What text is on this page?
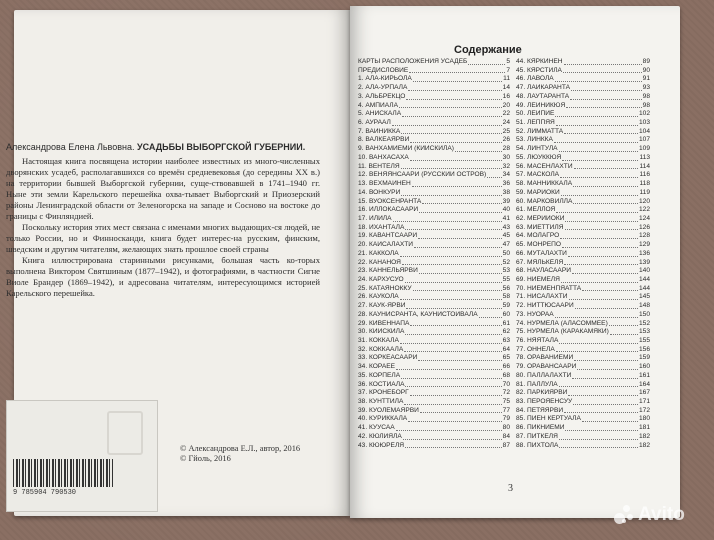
Александрова Елена Львовна. УСАДЬБЫ ВЫБОРГСКОЙ ГУБЕРНИИ.

Настоящая книга посвящена истории наиболее известных из много-численных дворянских усадеб, располагавшихся со времён средневековья (до середины XX в.) на территории бывшей Выборгской губернии, суще-ствовавшей в 1741–1940 гг. Ныне эти земли Карельского перешейка охва-тывает Выборгский и Приозерский районы Ленинградской области от Зеленогорска на западе и Сосново на востоке до границы с Финляндией.

Поскольку история этих мест связана с именами многих выдающих-ся людей, не только России, но и Финносканди, книга будет интерес-на русским, финским, шведским и другим читателям, желающих знать прошлое своей страны

Книга иллюстрирована старинными рисунками, большая часть ко-торых выполнена Виктором Святшиным (1877–1942), и фотографиями, в частности Сигне Виоле Брандер (1869–1942), и адресована читателям, интересующимся историей Карельского перешейка.

9 785904 790530
© Александрова Е.Л., автор, 2016
© Гйоль, 2016
Содержание
КАРТЫ РАСПОЛОЖЕНИЯ УСАДЕБ	5
ПРЕДИСЛОВИЕ	7
1. АЛА-КИРЬОЛА	11
2. АЛА-УРПАЛА	14
3. АЛЬБРЕКЦО	16
4. АМПИАЛА	20
5. АНИСКАЛА	22
6. АУРААЛ	24
7. ВАЙНИККА	25
8. ВАЛКЕАЯРВИ	26
9. ВАНХАМИЕМИ (КИЙСКИЛА)	28
10. ВАНХАСАХА	30
11. ВЕНТЕЛЯ	32
12. ВЕНЯЯНСААРИ (РУССКИЙ ОСТРОВ) 34
13. ВЕХМАЙНЕН	36
14. ВОНКУРИ	38
15. ВУОКСЕНРАНТА	39
16. ИЛЛОКАСААРИ	40
17. ИЛИЛА	41
18. ИХАНТАЛА	43
19. КАВАНТСААРИ	45
20. КАЙСАЛАХТИ	47
21. КАККОЛА	50
22. КАНАНОЯ	52
23. КАННЕЛЬЯРВИ	53
24. КАРХУСУО	55
25. КАТАЯНОККУ	56
26. КАУКОЛА	58
27. КАУК-ЯРВИ	59
28. КАУНИСРАНТА, КАУНИСТОЙВАЛА	60
29. КИВЕННАПА	61
30. КИЙСКИЛА	62
31. КОККАЛА	63
32. КОККААЛА	64
33. КОРКЕАСААРИ	65
34. КОРАЕЕ	66
35. КОРПЕЛА	68
36. КОСТИАЛА	70
37. КРОНЕБОРГ	72
38. КУНТТИЛА	75
39. КУОЛЕМАЯРВИ	77
40. КУРИККАЛА	79
41. КУУСАА	80
42. КЮЛИЯЛА	84
43. КЮЮРЁЛЯ	87
44. КЯРКИНЕН	89
45. КЯРСТИЛА	90
46. ЛАВОЛА	91
47. ЛАЙКАРАНТА	93
48. ЛАУТАРАНТА	98
49. ЛЕЙНИКЮЯ	98
50. ЛЕЙПИЁ	102
51. ЛЕППЯЯ	103
52. ЛИММАТТА	104
53. ЛИНККА	107
54. ЛИНТУЛА	109
55. ЛЮУККЮЯ	113
56. МАСЕНЛАХТИ	114
57. МАСКОЛА	116
58. МАННИККАЛА	118
59. МАРИОКИ	119
60. МАРКОВИЛЛА	120
61. МЕЛЛОЯ	122
62. МЕРИЙОКИ	124
63. МИЕТТИЛЯ	126
64. МОЛАГРО	128
65. МОНРЕПО	129
66. МУТАЛАХТИ	136
67. МЯЛЬКЁЛЯ	139
68. НАУЛАСААРИ	140
69. НИЕМЕЛЯ	144
70. НИЕМЕНПЯАТТА	144
71. НИСАЛАХТИ	145
72. НИТТЮСААРИ	148
73. НУОРАА	150
74. НУРМЕЛА (АЛАСОММЕЕ)	152
75. НУРМЕЛА (КАРАКАМЯКИ)	153
76. НЯЯТАЛА	155
77. ОННЕЛА	156
78. ОРАВАНИЕМИ	159
79. ОРАВАНСААРИ	160
80. ПАЛЛАЛАХТИ	161
81. ПАЛЛУЛА	164
82. ПАРКИЯРВИ	167
83. ПЕРОЯЕНСУУ	171
84. ПЕТЯЯРВИ	172
85. ПИЕН КЕРТУАЛА	180
86. ПИКНИЕМИ	181
87. ПИТКЕЛЯ	182
88. ПИХТОЛА	182
3
Avito
